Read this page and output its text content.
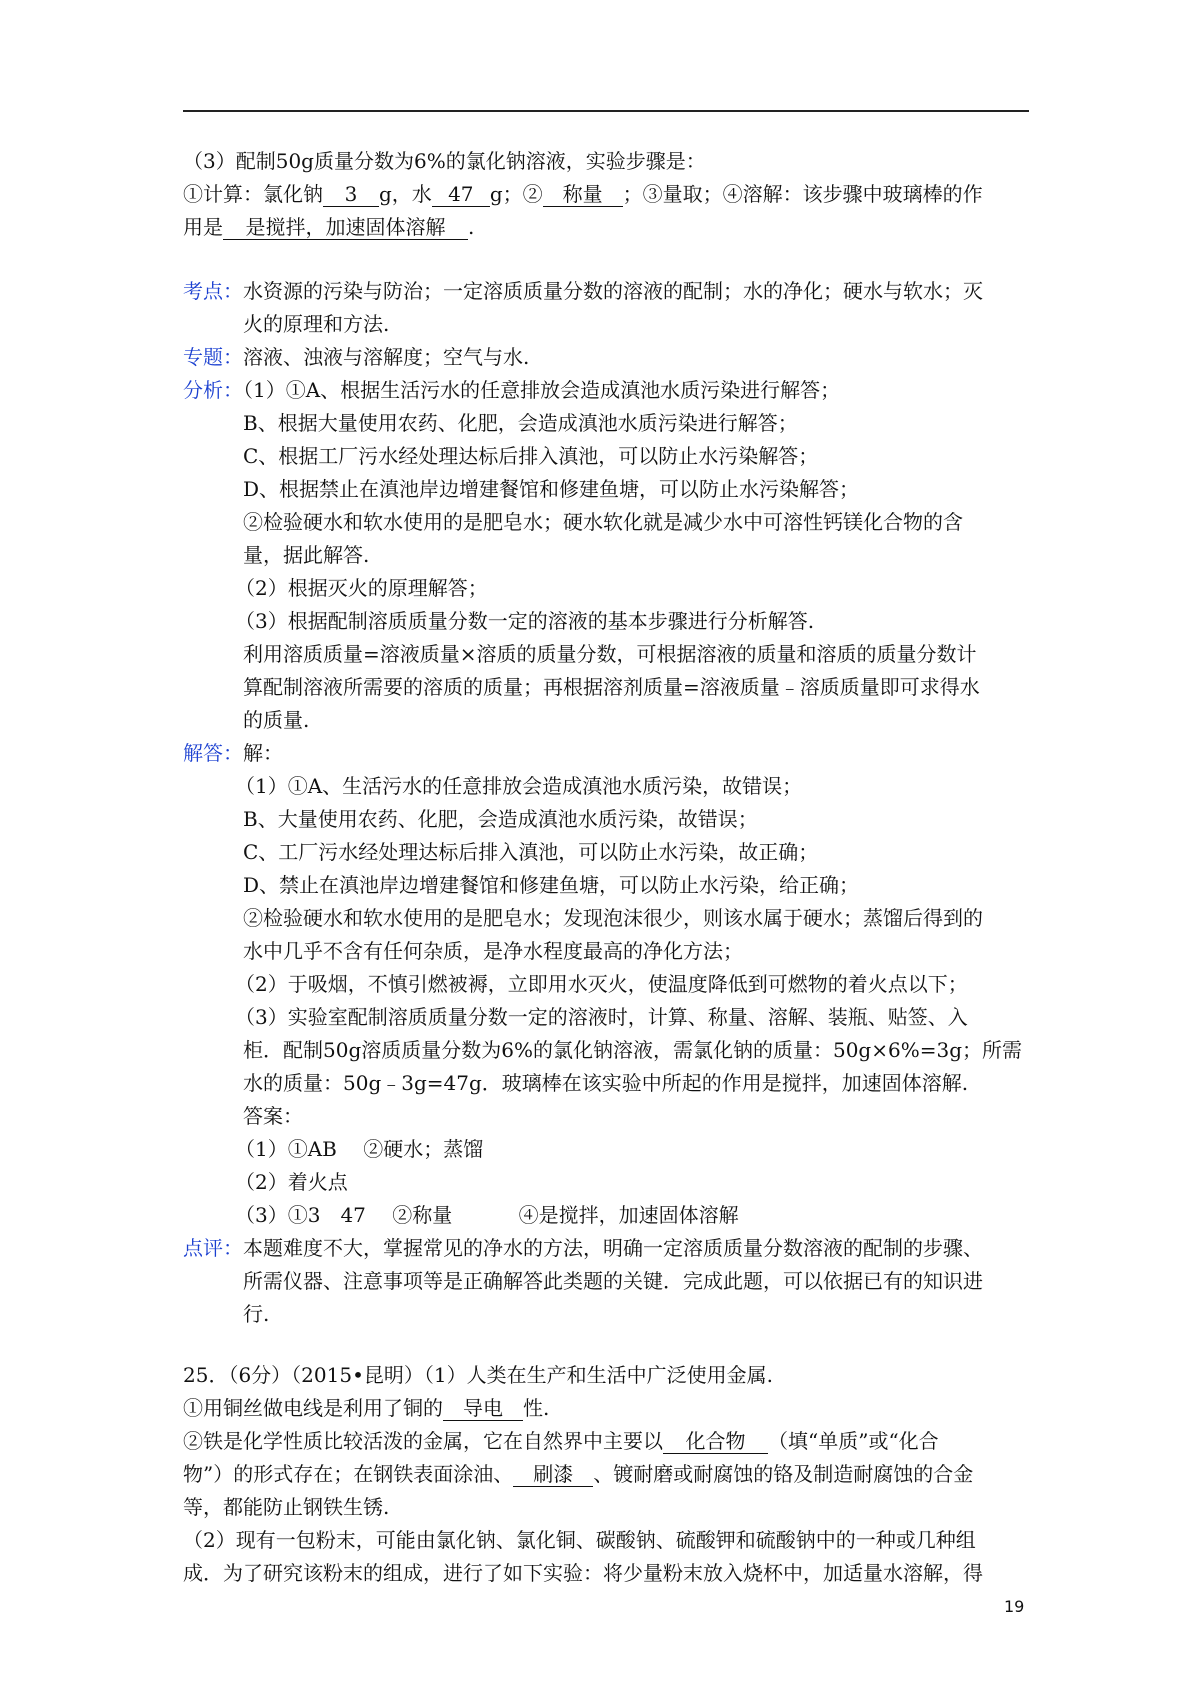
（3）配制50g质量分数为6%的氯化钠溶液，实验步骤是：
①计算：氯化钠 3 g，水 47 g；② 称量 ；③量取；④溶解：该步骤中玻璃棒的作
用是 是搅拌，加速固体溶解 .
考点：水资源的污染与防治；一定溶质质量分数的溶液的配制；水的净化；硬水与软水；灭
火的原理和方法.
专题：溶液、浊液与溶解度；空气与水.
分析：（1）①A、根据生活污水的任意排放会造成滇池水质污染进行解答；
B、根据大量使用农药、化肥，会造成滇池水质污染进行解答；
C、根据工厂污水经处理达标后排入滇池，可以防止水污染解答；
D、根据禁止在滇池岸边增建餐馆和修建鱼塘，可以防止水污染解答；
②检验硬水和软水使用的是肥皂水；硬水软化就是减少水中可溶性钙镁化合物的含
量，据此解答.
（2）根据灭火的原理解答；
（3）根据配制溶质质量分数一定的溶液的基本步骤进行分析解答.
利用溶质质量=溶液质量×溶质的质量分数，可根据溶液的质量和溶质的质量分数计
算配制溶液所需要的溶质的质量；再根据溶剂质量=溶液质量﹣溶质质量即可求得水
的质量.
解答：解：
（1）①A、生活污水的任意排放会造成滇池水质污染，故错误；
B、大量使用农药、化肥，会造成滇池水质污染，故错误；
C、工厂污水经处理达标后排入滇池，可以防止水污染，故正确；
D、禁止在滇池岸边增建餐馆和修建鱼塘，可以防止水污染，给正确；
②检验硬水和软水使用的是肥皂水；发现泡沫很少，则该水属于硬水；蒸馏后得到的
水中几乎不含有任何杂质，是净水程度最高的净化方法；
（2）于吸烟，不慎引燃被褥，立即用水灭火，使温度降低到可燃物的着火点以下；
（3）实验室配制溶质质量分数一定的溶液时，计算、称量、溶解、装瓶、贴签、入
柜．配制50g溶质质量分数为6%的氯化钠溶液，需氯化钠的质量：50g×6%=3g；所需
水的质量：50g﹣3g=47g．玻璃棒在该实验中所起的作用是搅拌，加速固体溶解.
答案：
（1）①AB　 ②硬水；蒸馏
（2）着火点
（3）①3　47　 ②称量　　　 ④是搅拌，加速固体溶解
点评：本题难度不大，掌握常见的净水的方法，明确一定溶质质量分数溶液的配制的步骤、
所需仪器、注意事项等是正确解答此类题的关键．完成此题，可以依据已有的知识进
行.
25．（6分）（2015•昆明）（1）人类在生产和生活中广泛使用金属.
①用铜丝做电线是利用了铜的 导电 性.
②铁是化学性质比较活泼的金属，它在自然界中主要以 化合物 （填“单质”或“化合
物”）的形式存在；在钢铁表面涂油、 刷漆 、镀耐磨或耐腐蚀的铬及制造耐腐蚀的合金
等，都能防止钢铁生锈.
（2）现有一包粉末，可能由氯化钠、氯化铜、碳酸钠、硫酸钾和硫酸钠中的一种或几种组
成．为了研究该粉末的组成，进行了如下实验：将少量粉末放入烧杯中，加适量水溶解，得
19
